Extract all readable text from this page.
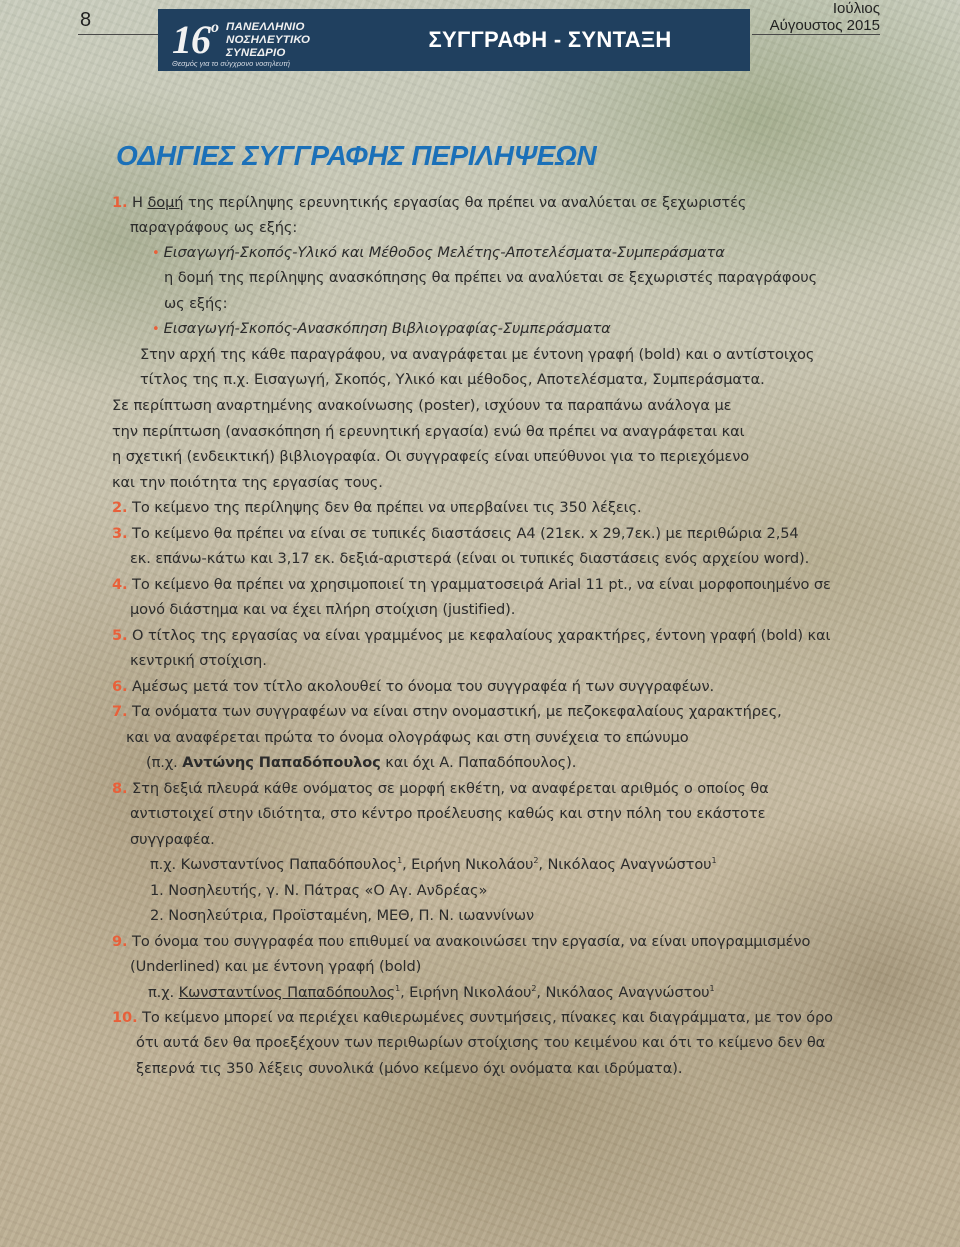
8 $16^o$ ΠΑΝΕΛΛΗΝΙΟ
ΝΟΣΗΛΕΥΤΙΚΟ
ΣΥΝΕΔΡΙΟ
Θεσμός για το σύγχρονο νοσηλευτή
ΣΥΓΓΡΑΦΗ - ΣΥΝΤΑΞΗ
Ιούλιος
Αύγουστος 2015
ΟΔΗΓΙΕΣ ΣΥΓΓΡΑΦΗΣ ΠΕΡΙΛΗΨΕΩΝ
1. Η δομή της περίληψης ερευνητικής εργασίας θα πρέπει να αναλύεται σε ξεχωριστές
παραγράφους ως εξής:
• Εισαγωγή-Σκοπός-Υλικό και Μέθοδος Μελέτης-Αποτελέσματα-Συμπεράσματα
η δομή της περίληψης ανασκόπησης θα πρέπει να αναλύεται σε ξεχωριστές παραγράφους
ως εξής:
• Εισαγωγή-Σκοπός-Ανασκόπηση Βιβλιογραφίας-Συμπεράσματα
Στην αρχή της κάθε παραγράφου, να αναγράφεται με έντονη γραφή (bold) και ο αντίστοιχος
τίτλος της π.χ. Εισαγωγή, Σκοπός, Υλικό και μέθοδος, Αποτελέσματα, Συμπεράσματα.
Σε περίπτωση αναρτημένης ανακοίνωσης (poster), ισχύουν τα παραπάνω ανάλογα με
την περίπτωση (ανασκόπηση ή ερευνητική εργασία) ενώ θα πρέπει να αναγράφεται και
η σχετική (ενδεικτική) βιβλιογραφία. Οι συγγραφείς είναι υπεύθυνοι για το περιεχόμενο
και την ποιότητα της εργασίας τους.
2. Το κείμενο της περίληψης δεν θα πρέπει να υπερβαίνει τις 350 λέξεις.
3. Το κείμενο θα πρέπει να είναι σε τυπικές διαστάσεις Α4 (21εκ. x 29,7εκ.) με περιθώρια 2,54
εκ. επάνω-κάτω και 3,17 εκ. δεξιά-αριστερά (είναι οι τυπικές διαστάσεις ενός αρχείου word).
4. Το κείμενο θα πρέπει να χρησιμοποιεί τη γραμματοσειρά Arial 11 pt., να είναι μορφοποιημένο σε
μονό διάστημα και να έχει πλήρη στοίχιση (justified).
5. Ο τίτλος της εργασίας να είναι γραμμένος με κεφαλαίους χαρακτήρες, έντονη γραφή (bold) και
κεντρική στοίχιση.
6. Αμέσως μετά τον τίτλο ακολουθεί το όνομα του συγγραφέα ή των συγγραφέων.
7. Τα ονόματα των συγγραφέων να είναι στην ονομαστική, με πεζοκεφαλαίους χαρακτήρες,
και να αναφέρεται πρώτα το όνομα ολογράφως και στη συνέχεια το επώνυμο
(π.χ. Αντώνης Παπαδόπουλος και όχι Α. Παπαδόπουλος).
8. Στη δεξιά πλευρά κάθε ονόματος σε μορφή εκθέτη, να αναφέρεται αριθμός ο οποίος θα
αντιστοιχεί στην ιδιότητα, στο κέντρο προέλευσης καθώς και στην πόλη του εκάστοτε
συγγραφέα.
π.χ. Κωνσταντίνος Παπαδόπουλος$^1$, Ειρήνη Νικολάου$^2$, Νικόλαος Αναγνώστου$^1$
1. Νοσηλευτής, γ. Ν. Πάτρας «Ο Αγ. Ανδρέας»
2. Νοσηλεύτρια, Προϊσταμένη, ΜΕΘ, Π. Ν. ιωαννίνων
9. Το όνομα του συγγραφέα που επιθυμεί να ανακοινώσει την εργασία, να είναι υπογραμμισμένο
(Underlined) και με έντονη γραφή (bold)
π.χ. Κωνσταντίνος Παπαδόπουλος$^1$, Ειρήνη Νικολάου$^2$, Νικόλαος Αναγνώστου$^1$
10. Το κείμενο μπορεί να περιέχει καθιερωμένες συντμήσεις, πίνακες και διαγράμματα, με τον όρο
ότι αυτά δεν θα προεξέχουν των περιθωρίων στοίχισης του κειμένου και ότι το κείμενο δεν θα
ξεπερνά τις 350 λέξεις συνολικά (μόνο κείμενο όχι ονόματα και ιδρύματα).
